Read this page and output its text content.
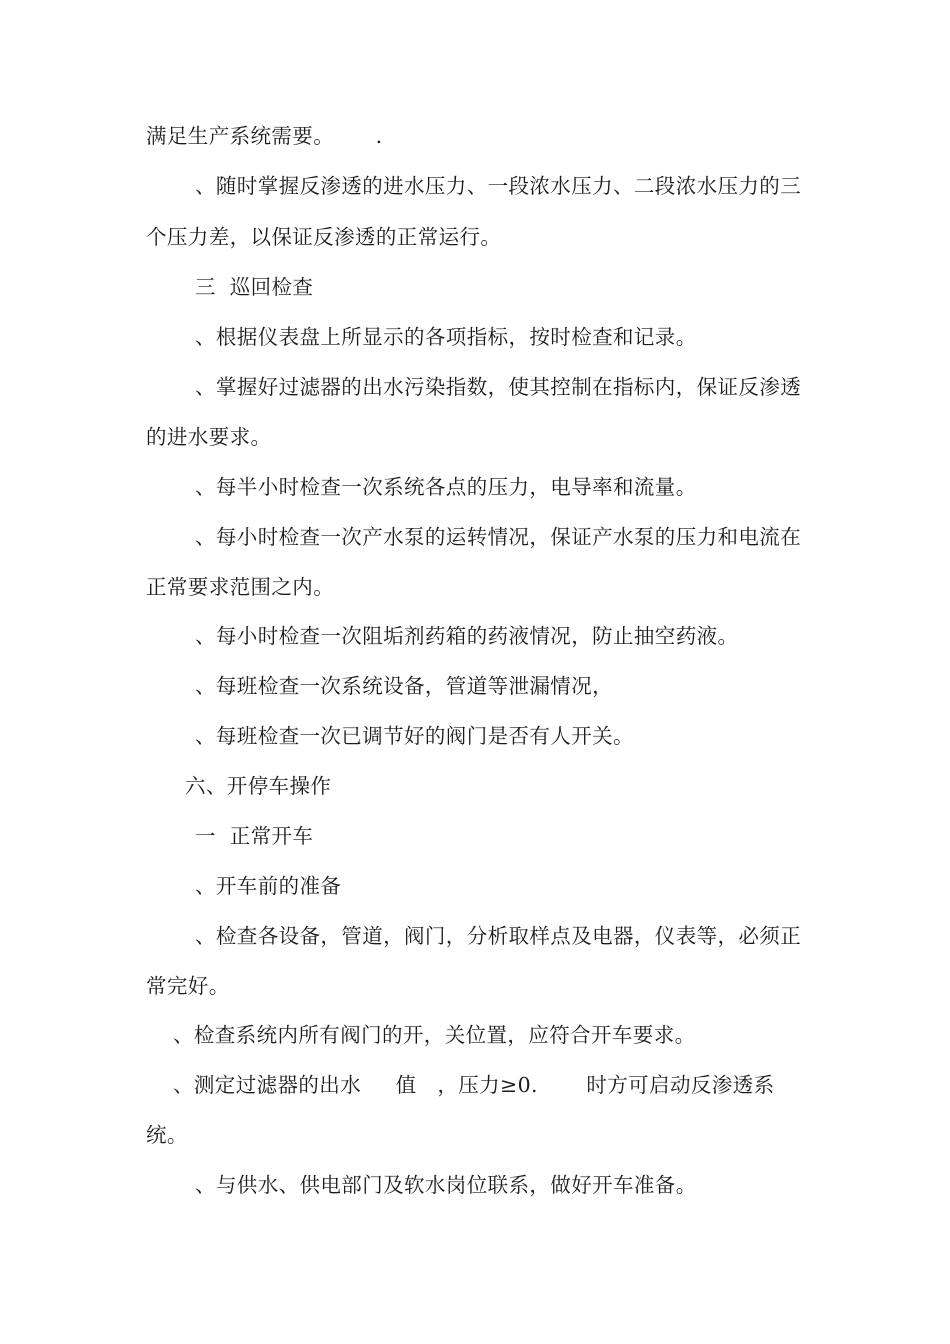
满足生产系统需要。      .
、随时掌握反渗透的进水压力、一段浓水压力、二段浓水压力的三
个压力差，以保证反渗透的正常运行。
三  巡回检查
、根据仪表盘上所显示的各项指标，按时检查和记录。
、掌握好过滤器的出水污染指数，使其控制在指标内，保证反渗透
的进水要求。
、每半小时检查一次系统各点的压力，电导率和流量。
、每小时检查一次产水泵的运转情况，保证产水泵的压力和电流在
正常要求范围之内。
、每小时检查一次阻垢剂药箱的药液情况，防止抽空药液。
、每班检查一次系统设备，管道等泄漏情况，
、每班检查一次已调节好的阀门是否有人开关。
六、开停车操作
一  正常开车
、开车前的准备
、检查各设备，管道，阀门，分析取样点及电器，仪表等，必须正
常完好。
、检查系统内所有阀门的开，关位置，应符合开车要求。
、测定过滤器的出水     值   ，压力≥0.       时方可启动反渗透系
统。
、与供水、供电部门及软水岗位联系，做好开车准备。
